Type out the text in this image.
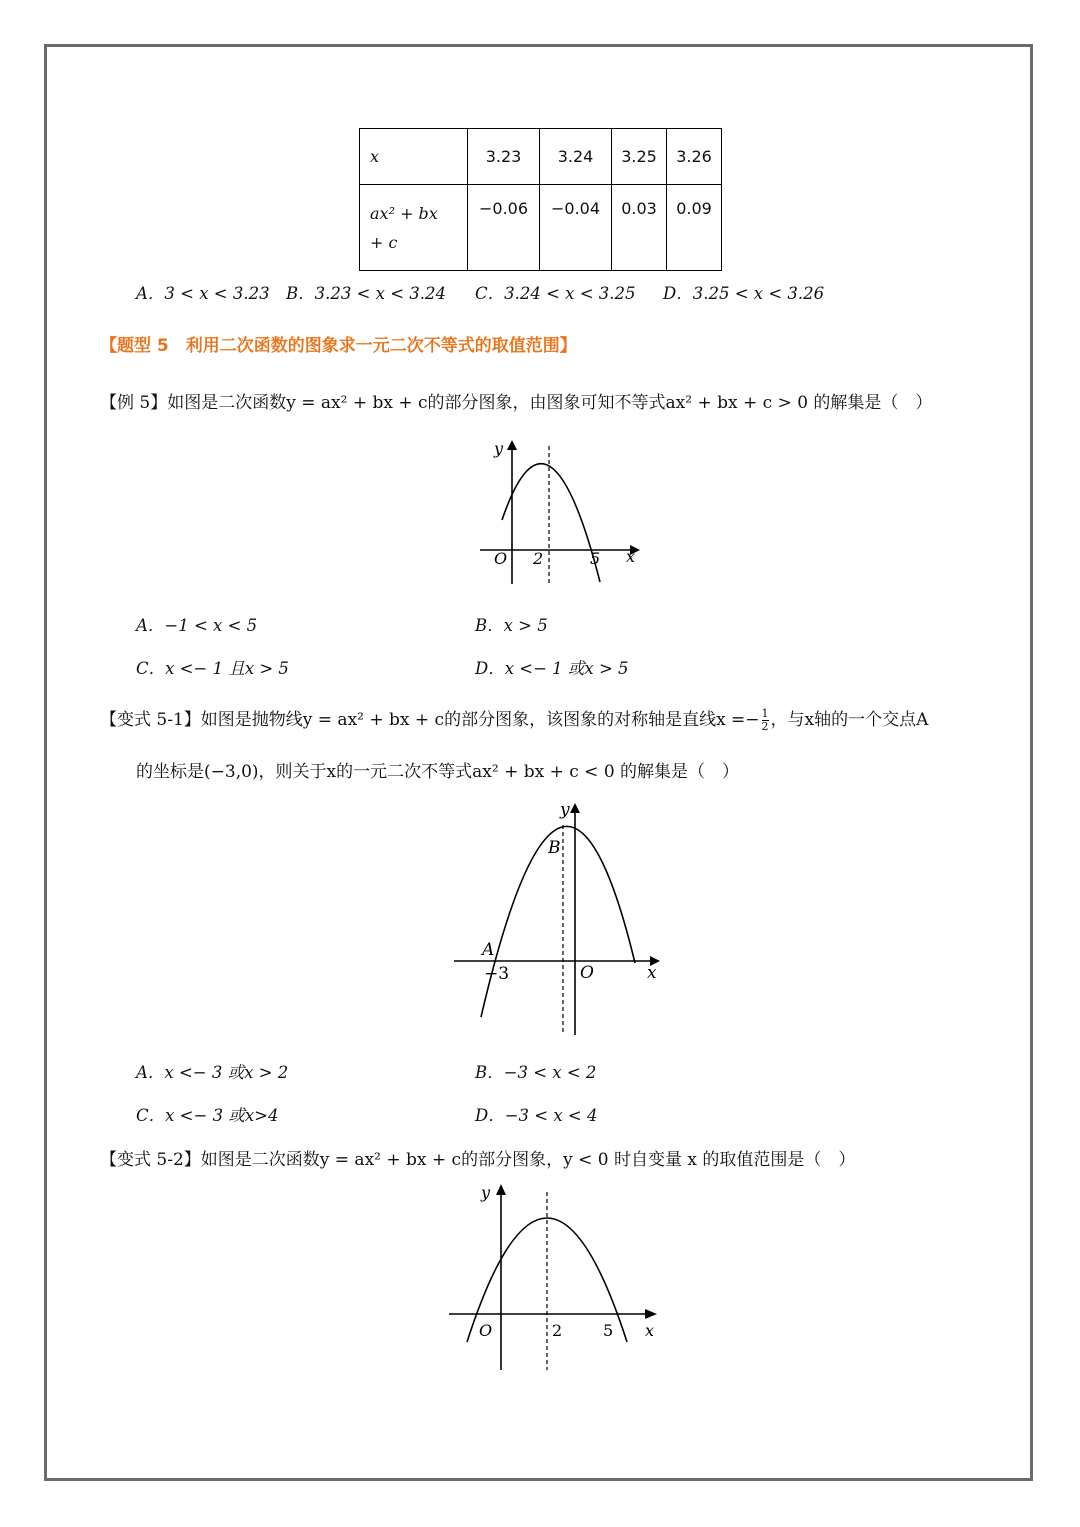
x	3.23	3.24	3.25	3.26

ax² + bx
+ c	−0.06	−0.04	0.03	0.09
A．3 < x < 3.23 B．3.23 < x < 3.24 C．3.24 < x < 3.25 D．3.25 < x < 3.26
【题型 5　利用二次函数的图象求一元二次不等式的取值范围】
【例 5】如图是二次函数y = ax² + bx + c的部分图象，由图象可知不等式ax² + bx + c > 0 的解集是（　）
y
O 2	5 x
A．−1 < x < 5	B．x > 5
C．x <− 1 且x > 5	D．x <− 1 或x > 5
【变式 5-1】如图是抛物线y = ax² + bx + c的部分图象，该图象的对称轴是直线$x =- \frac{1}{2}$ ，与x轴的一个交点A
的坐标是(−3,0)，则关于x的一元二次不等式ax² + bx + c < 0 的解集是（　）
y
B
A
−3	O	x
A．x <− 3 或x > 2	B．−3 < x < 2
C．x <− 3 或x>4	D．−3 < x < 4
【变式 5-2】如图是二次函数y = ax² + bx + c的部分图象，y < 0 时自变量 x 的取值范围是（　）
y
O	2	5 x
